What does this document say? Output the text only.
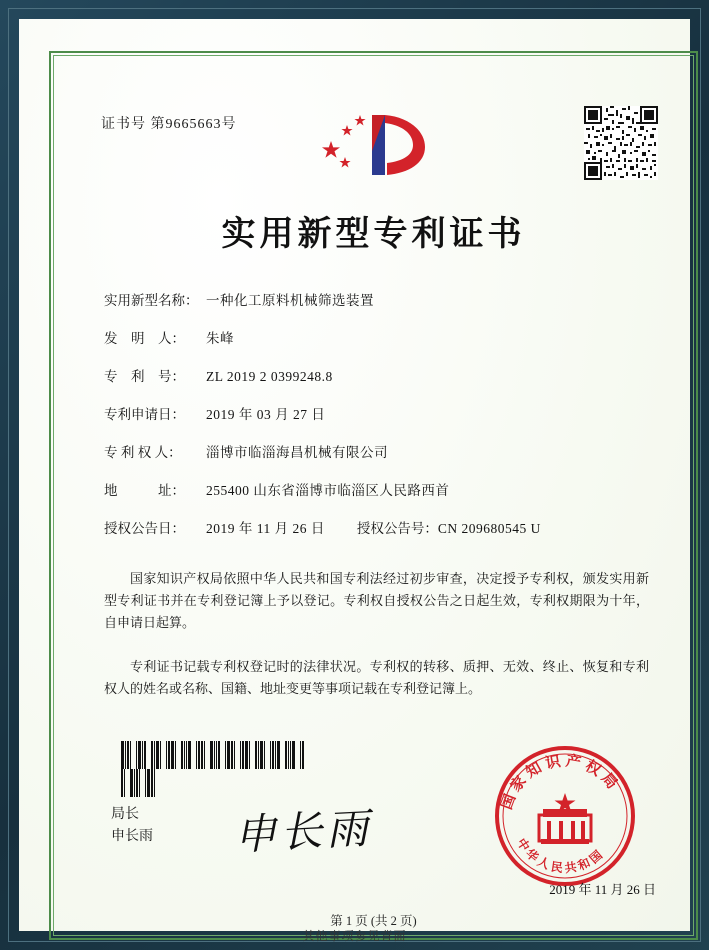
证书号 第9665663号
实用新型专利证书
实用新型名称： 一种化工原料机械筛选装置
发　明　人： 朱峰
专　利　号： ZL 2019 2 0399248.8
专利申请日： 2019 年 03 月 27 日
专 利 权 人： 淄博市临淄海昌机械有限公司
地　　　址： 255400 山东省淄博市临淄区人民路西首
授权公告日： 2019 年 11 月 26 日 授权公告号：CN 209680545 U
国家知识产权局依照中华人民共和国专利法经过初步审查，决定授予专利权，颁发实用新型专利证书并在专利登记簿上予以登记。专利权自授权公告之日起生效，专利权期限为十年，自申请日起算。
专利证书记载专利权登记时的法律状况。专利权的转移、质押、无效、终止、恢复和专利权人的姓名或名称、国籍、地址变更等事项记载在专利登记簿上。

局长
申长雨 申长雨
国家知识产权局
中华人民共和国
2019 年 11 月 26 日
第 1 页 (共 2 页)
其他事项参见背面
